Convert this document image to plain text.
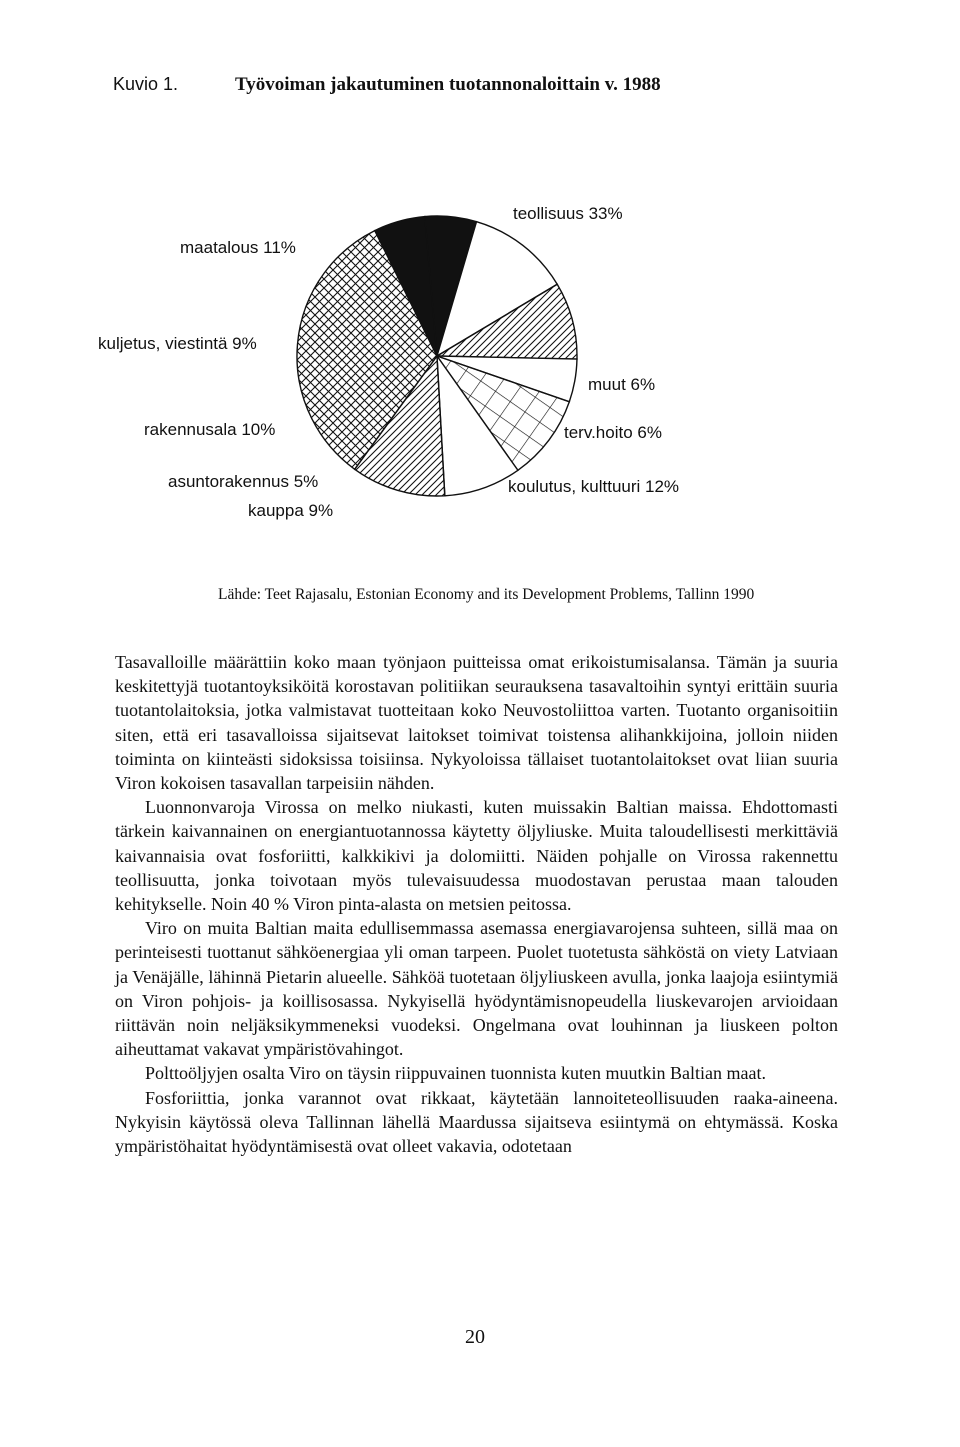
Kuvio 1.	Työvoiman jakautuminen tuotannonaloittain v. 1988
teollisuus 33%
muut 6%
terv.hoito 6%
koulutus, kulttuuri 12%
kauppa 9%
asuntorakennus 5%
rakennusala 10%
kuljetus, viestintä 9%
maatalous 11%
Lähde: Teet Rajasalu, Estonian Economy and its Development Problems, Tallinn 1990

Tasavalloille määrättiin koko maan työnjaon puitteissa omat erikoistumisalansa. Tämän ja suuria keskitettyjä tuotantoyksiköitä korostavan politiikan seurauksena tasavaltoihin syntyi erittäin suuria tuotantolaitoksia, jotka valmistavat tuotteitaan koko Neuvostoliittoa varten. Tuotanto organisoitiin siten, että eri tasavalloissa sijaitsevat laitokset toimivat toistensa alihankkijoina, jolloin niiden toiminta on kiinteästi sidoksissa toisiinsa. Nykyoloissa tällaiset tuotantolaitokset ovat liian suuria Viron kokoisen tasavallan tarpeisiin nähden.

Luonnonvaroja Virossa on melko niukasti, kuten muissakin Baltian maissa. Ehdottomasti tärkein kaivannainen on energiantuotannossa käytetty öljyliuske. Muita taloudellisesti merkittäviä kaivannaisia ovat fosforiitti, kalkkikivi ja dolomiitti. Näiden pohjalle on Virossa rakennettu teollisuutta, jonka toivotaan myös tulevaisuudessa muodostavan perustaa maan talouden kehitykselle. Noin 40 % Viron pinta-alasta on metsien peitossa.

Viro on muita Baltian maita edullisemmassa asemassa energiavarojensa suhteen, sillä maa on perinteisesti tuottanut sähköenergiaa yli oman tarpeen. Puolet tuotetusta sähköstä on viety Latviaan ja Venäjälle, lähinnä Pietarin alueelle. Sähköä tuotetaan öljyliuskeen avulla, jonka laajoja esiintymiä on Viron pohjois- ja koillisosassa. Nykyisellä hyödyntämisnopeudella liuskevarojen arvioidaan riittävän noin neljäksikymmeneksi vuodeksi. Ongelmana ovat louhinnan ja liuskeen polton aiheuttamat vakavat ympäristövahingot.

Polttoöljyjen osalta Viro on täysin riippuvainen tuonnista kuten muutkin Baltian maat.

Fosforiittia, jonka varannot ovat rikkaat, käytetään lannoiteteollisuuden raaka-aineena. Nykyisin käytössä oleva Tallinnan lähellä Maardussa sijaitseva esiintymä on ehtymässä. Koska ympäristöhaitat hyödyntämisestä ovat olleet vakavia, odotetaan

20
